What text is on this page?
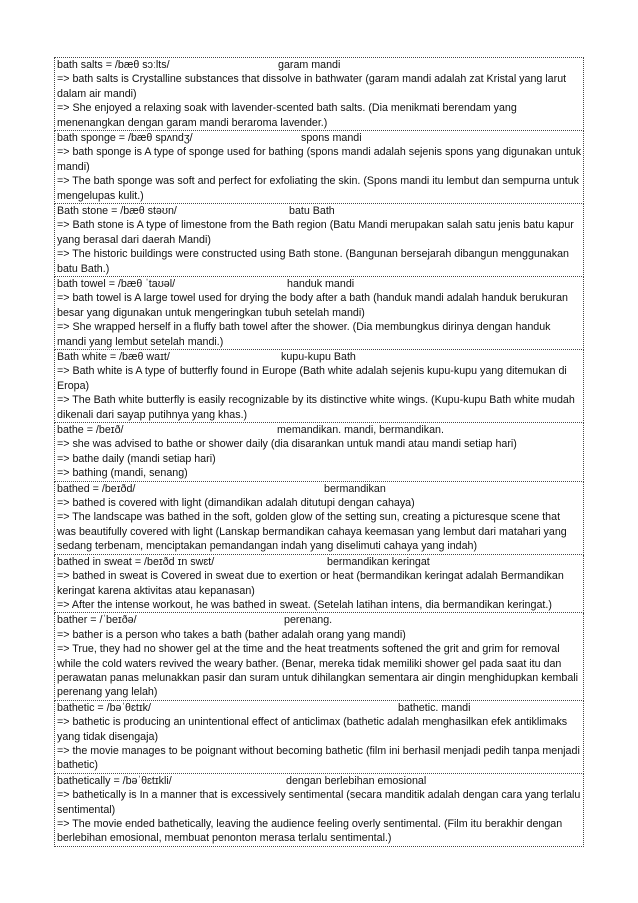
bath salts = /bæθ sɔːlts/	garam mandi
=> bath salts is Crystalline substances that dissolve in bathwater (garam mandi adalah zat Kristal yang larut dalam air mandi)
=> She enjoyed a relaxing soak with lavender-scented bath salts. (Dia menikmati berendam yang menenangkan dengan garam mandi beraroma lavender.)
bath sponge = /bæθ spʌndʒ/	spons mandi
=> bath sponge is A type of sponge used for bathing (spons mandi adalah sejenis spons yang digunakan untuk mandi)
=> The bath sponge was soft and perfect for exfoliating the skin. (Spons mandi itu lembut dan sempurna untuk mengelupas kulit.)
Bath stone = /bæθ stəʊn/	batu Bath
=> Bath stone is A type of limestone from the Bath region (Batu Mandi merupakan salah satu jenis batu kapur yang berasal dari daerah Mandi)
=> The historic buildings were constructed using Bath stone. (Bangunan bersejarah dibangun menggunakan batu Bath.)
bath towel = /bæθ ˈtaʊəl/	handuk mandi
=> bath towel is A large towel used for drying the body after a bath (handuk mandi adalah handuk berukuran besar yang digunakan untuk mengeringkan tubuh setelah mandi)
=> She wrapped herself in a fluffy bath towel after the shower. (Dia membungkus dirinya dengan handuk mandi yang lembut setelah mandi.)
Bath white = /bæθ waɪt/	kupu-kupu Bath
=> Bath white is A type of butterfly found in Europe (Bath white adalah sejenis kupu-kupu yang ditemukan di Eropa)
=> The Bath white butterfly is easily recognizable by its distinctive white wings. (Kupu-kupu Bath white mudah dikenali dari sayap putihnya yang khas.)
bathe = /beɪð/	memandikan. mandi, bermandikan.
=> she was advised to bathe or shower daily (dia disarankan untuk mandi atau mandi setiap hari)
=> bathe daily (mandi setiap hari)
=> bathing (mandi, senang)
bathed = /beɪðd/	bermandikan
=> bathed is covered with light (dimandikan adalah ditutupi dengan cahaya)
=> The landscape was bathed in the soft, golden glow of the setting sun, creating a picturesque scene that was beautifully covered with light (Lanskap bermandikan cahaya keemasan yang lembut dari matahari yang sedang terbenam, menciptakan pemandangan indah yang diselimuti cahaya yang indah)
bathed in sweat = /beɪðd ɪn swɛt/	bermandikan keringat
=> bathed in sweat is Covered in sweat due to exertion or heat (bermandikan keringat adalah Bermandikan keringat karena aktivitas atau kepanasan)
=> After the intense workout, he was bathed in sweat. (Setelah latihan intens, dia bermandikan keringat.)
bather = /ˈbeɪðə/	perenang.
=> bather is a person who takes a bath (bather adalah orang yang mandi)
=> True, they had no shower gel at the time and the heat treatments softened the grit and grim for removal while the cold waters revived the weary bather. (Benar, mereka tidak memiliki shower gel pada saat itu dan perawatan panas melunakkan pasir dan suram untuk dihilangkan sementara air dingin menghidupkan kembali perenang yang lelah)
bathetic = /bəˈθɛtɪk/	bathetic. mandi
=> bathetic is producing an unintentional effect of anticlimax (bathetic adalah menghasilkan efek antiklimaks yang tidak disengaja)
=> the movie manages to be poignant without becoming bathetic (film ini berhasil menjadi pedih tanpa menjadi bathetic)
bathetically = /bəˈθɛtɪkli/	dengan berlebihan emosional
=> bathetically is In a manner that is excessively sentimental (secara manditik adalah dengan cara yang terlalu sentimental)
=> The movie ended bathetically, leaving the audience feeling overly sentimental. (Film itu berakhir dengan berlebihan emosional, membuat penonton merasa terlalu sentimental.)
